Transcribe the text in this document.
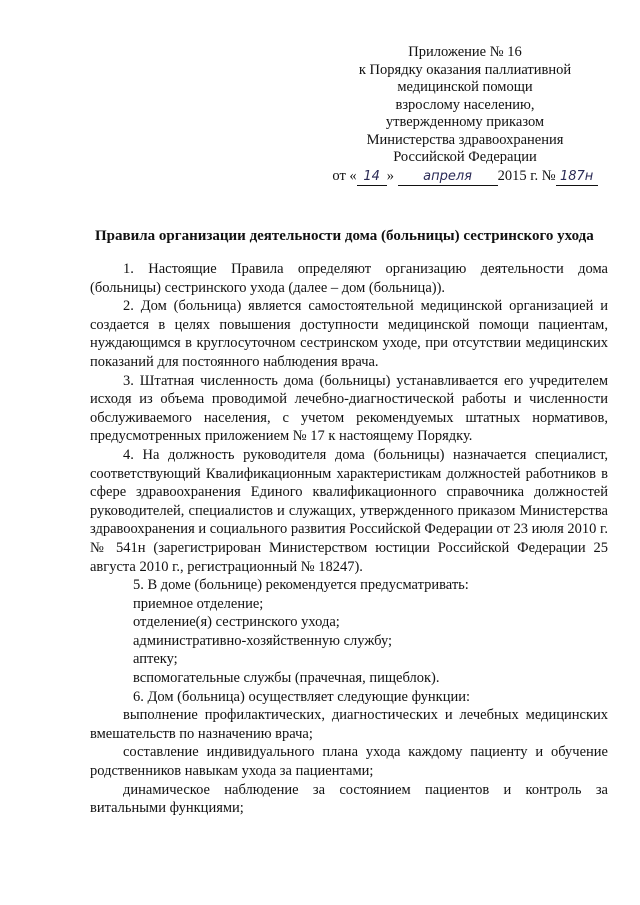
Приложение № 16
к Порядку оказания паллиативной
медицинской помощи
взрослому населению,
утвержденному приказом
Министерства здравоохранения
Российской Федерации
от « 14 » апреля 2015 г. № 187н
Правила организации деятельности дома (больницы) сестринского ухода

1. Настоящие Правила определяют организацию деятельности дома (больницы) сестринского ухода (далее – дом (больница)).

2. Дом (больница) является самостоятельной медицинской организацией и создается в целях повышения доступности медицинской помощи пациентам, нуждающимся в круглосуточном сестринском уходе, при отсутствии медицинских показаний для постоянного наблюдения врача.

3. Штатная численность дома (больницы) устанавливается его учредителем исходя из объема проводимой лечебно-диагностической работы и численности обслуживаемого населения, с учетом рекомендуемых штатных нормативов, предусмотренных приложением № 17 к настоящему Порядку.

4. На должность руководителя дома (больницы) назначается специалист, соответствующий Квалификационным характеристикам должностей работников в сфере здравоохранения Единого квалификационного справочника должностей руководителей, специалистов и служащих, утвержденного приказом Министерства здравоохранения и социального развития Российской Федерации от 23 июля 2010 г. № 541н (зарегистрирован Министерством юстиции Российской Федерации 25 августа 2010 г., регистрационный № 18247).

5. В доме (больнице) рекомендуется предусматривать:

приемное отделение;

отделение(я) сестринского ухода;

административно-хозяйственную службу;

аптеку;

вспомогательные службы (прачечная, пищеблок).

6. Дом (больница) осуществляет следующие функции:

выполнение профилактических, диагностических и лечебных медицинских вмешательств по назначению врача;

составление индивидуального плана ухода каждому пациенту и обучение родственников навыкам ухода за пациентами;

динамическое наблюдение за состоянием пациентов и контроль за витальными функциями;
